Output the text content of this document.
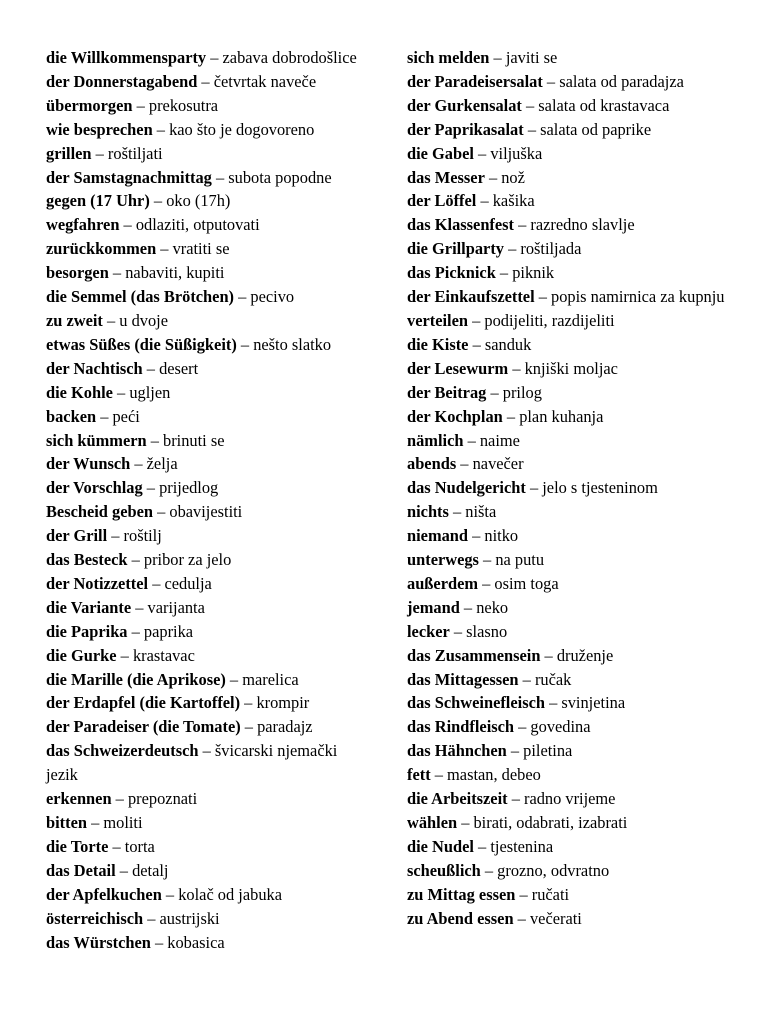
die Willkommensparty – zabava dobrodošlice
der Donnerstagabend – četvrtak naveče
übermorgen – prekosutra
wie besprechen – kao što je dogovoreno
grillen – roštiljati
der Samstagnachmittag – subota popodne
gegen (17 Uhr) – oko (17h)
wegfahren – odlaziti, otputovati
zurückkommen – vratiti se
besorgen – nabaviti, kupiti
die Semmel (das Brötchen) – pecivo
zu zweit – u dvoje
etwas Süßes (die Süßigkeit) – nešto slatko
der Nachtisch – desert
die Kohle – ugljen
backen – peći
sich kümmern – brinuti se
der Wunsch – želja
der Vorschlag – prijedlog
Bescheid geben – obavijestiti
der Grill – roštilj
das Besteck – pribor za jelo
der Notizzettel – cedulja
die Variante – varijanta
die Paprika – paprika
die Gurke – krastavac
die Marille (die Aprikose) – marelica
der Erdapfel (die Kartoffel) – krompir
der Paradeiser (die Tomate) – paradajz
das Schweizerdeutsch – švicarski njemački jezik
erkennen – prepoznati
bitten – moliti
die Torte – torta
das Detail – detalj
der Apfelkuchen – kolač od jabuka
österreichisch – austrijski
das Würstchen – kobasica
sich melden – javiti se
der Paradeisersalat – salata od paradajza
der Gurkensalat – salata od krastavaca
der Paprikasalat – salata od paprike
die Gabel – viljuška
das Messer – nož
der Löffel – kašika
das Klassenfest – razredno slavlje
die Grillparty – roštiljada
das Picknick – piknik
der Einkaufszettel – popis namirnica za kupnju
verteilen – podijeliti, razdijeliti
die Kiste – sanduk
der Lesewurm – knjiški moljac
der Beitrag – prilog
der Kochplan – plan kuhanja
nämlich – naime
abends – navečer
das Nudelgericht – jelo s tjesteninom
nichts – ništa
niemand – nitko
unterwegs – na putu
außerdem – osim toga
jemand – neko
lecker – slasno
das Zusammensein – druženje
das Mittagessen – ručak
das Schweinefleisch – svinjetina
das Rindfleisch – govedina
das Hähnchen – piletina
fett – mastan, debeo
die Arbeitszeit – radno vrijeme
wählen – birati, odabrati, izabrati
die Nudel – tjestenina
scheußlich – grozno, odvratno
zu Mittag essen – ručati
zu Abend essen – večerati
